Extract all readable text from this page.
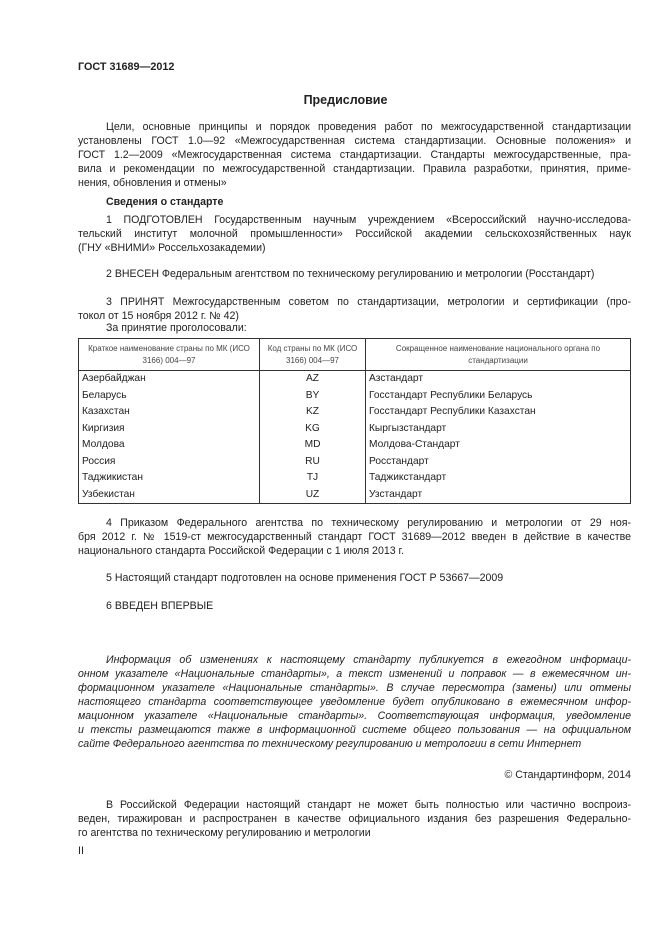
ГОСТ 31689—2012
Предисловие
Сведения о стандарте
За принятие проголосовали:
Краткое наименование страны по МК (ИСО 3166) 004—97	Код страны по МК (ИСО 3166) 004—97	Сокращенное наименование национального органа по стандартизации
Азербайджан	AZ	Азстандарт
Беларусь	BY	Госстандарт Республики Беларусь
Казахстан	KZ	Госстандарт Республики Казахстан
Киргизия	KG	Кыргызстандарт
Молдова	MD	Молдова-Стандарт
Россия	RU	Росстандарт
Таджикистан	TJ	Таджикстандарт
Узбекистан	UZ	Узстандарт
© Стандартинформ, 2014
II
Цели, основные принципы и порядок проведения работ по межгосударственной стандартизации
установлены ГОСТ 1.0—92 «Межгосударственная система стандартизации. Основные положения» и
ГОСТ 1.2—2009 «Межгосударственная система стандартизации. Стандарты межгосударственные, пра-
вила и рекомендации по межгосударственной стандартизации. Правила разработки, принятия, приме-
нения, обновления и отмены»
1 ПОДГОТОВЛЕН Государственным научным учреждением «Всероссийский научно-исследова-
тельский институт молочной промышленности» Российской академии сельскохозяйственных наук
(ГНУ «ВНИМИ» Россельхозакадемии)
2 ВНЕСЕН Федеральным агентством по техническому регулированию и метрологии (Росстандарт)
3 ПРИНЯТ Межгосударственным советом по стандартизации, метрологии и сертификации (про-
токол от 15 ноября 2012 г. № 42)
4 Приказом Федерального агентства по техническому регулированию и метрологии от 29 ноя-
бря 2012 г. № 1519-ст межгосударственный стандарт ГОСТ 31689—2012 введен в действие в качестве
национального стандарта Российской Федерации с 1 июля 2013 г.
5 Настоящий стандарт подготовлен на основе применения ГОСТ Р 53667—2009
6 ВВЕДЕН ВПЕРВЫЕ
Информация об изменениях к настоящему стандарту публикуется в ежегодном информаци-
онном указателе «Национальные стандарты», а текст изменений и поправок — в ежемесячном ин-
формационном указателе «Национальные стандарты». В случае пересмотра (замены) или отмены
настоящего стандарта соответствующее уведомление будет опубликовано в ежемесячном инфор-
мационном указателе «Национальные стандарты». Соответствующая информация, уведомление
и тексты размещаются также в информационной системе общего пользования — на официальном
сайте Федерального агентства по техническому регулированию и метрологии в сети Интернет
В Российской Федерации настоящий стандарт не может быть полностью или частично воспроиз-
веден, тиражирован и распространен в качестве официального издания без разрешения Федерально-
го агентства по техническому регулированию и метрологии
